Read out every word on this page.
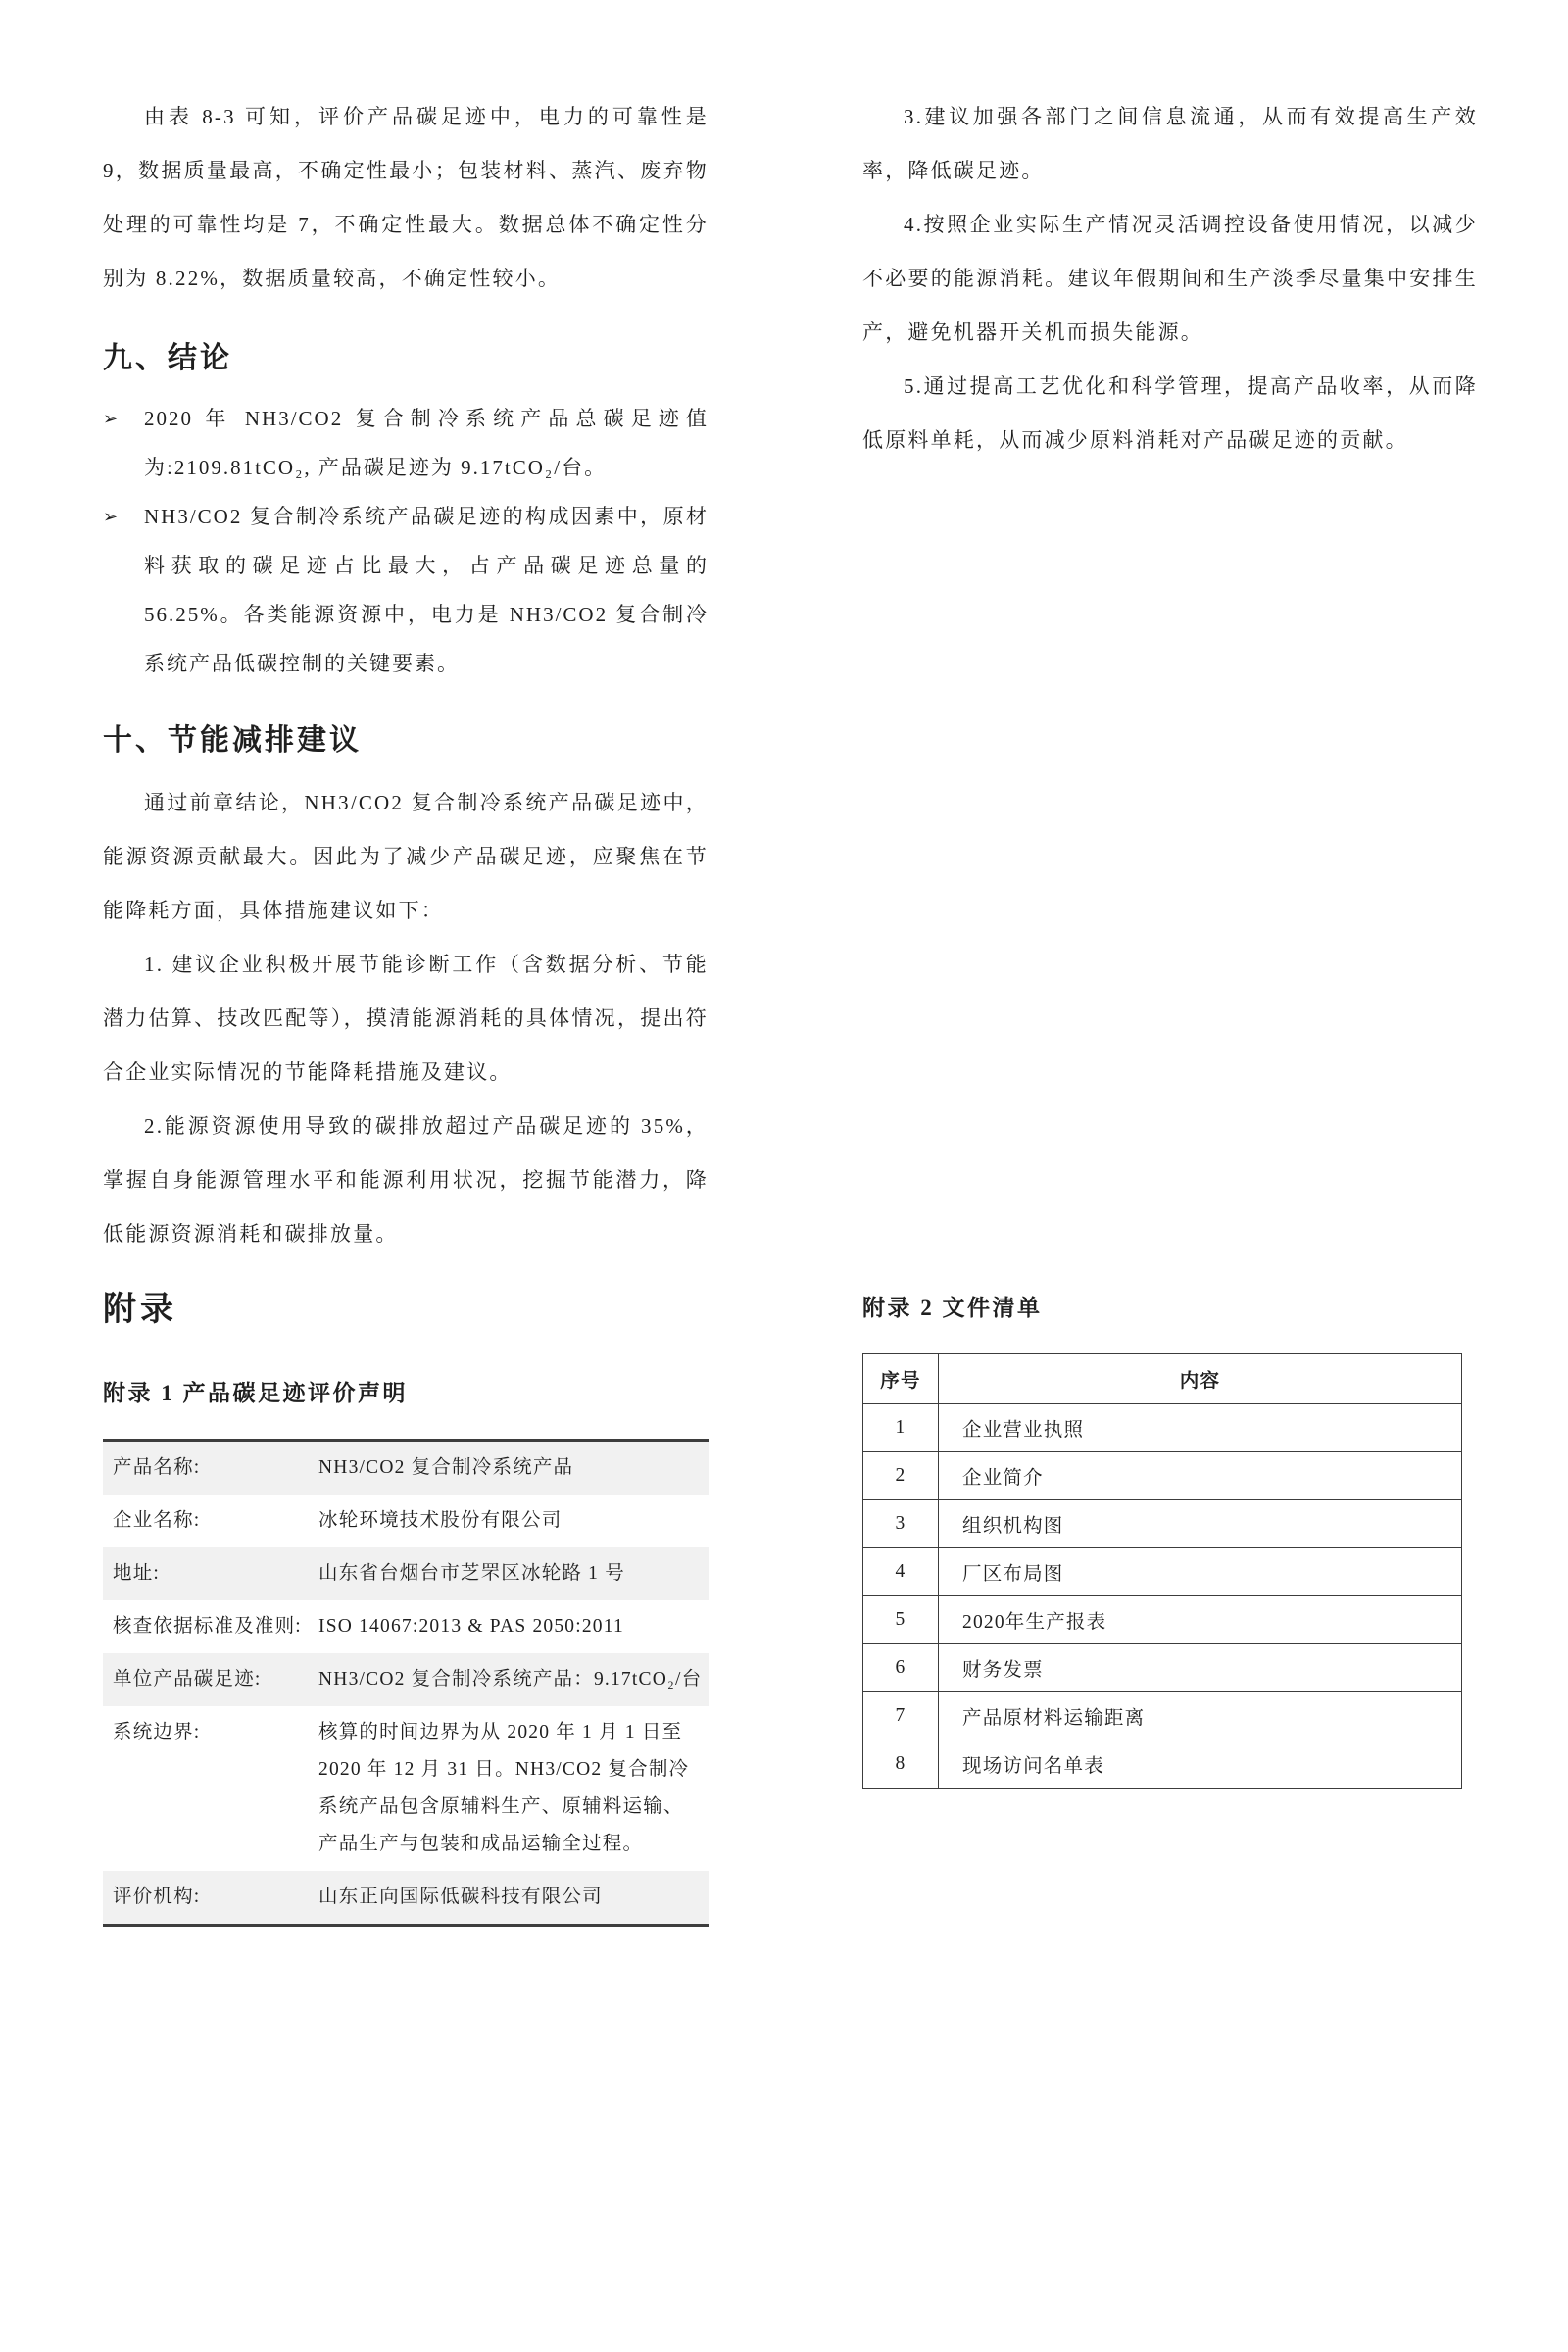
由表 8-3 可知，评价产品碳足迹中，电力的可靠性是 9，数据质量最高，不确定性最小；包装材料、蒸汽、废弃物处理的可靠性均是 7，不确定性最大。数据总体不确定性分别为 8.22%，数据质量较高，不确定性较小。

九、结论
➢	2020 年 NH3/CO2 复合制冷系统产品总碳足迹值为:2109.81tCO₂, 产品碳足迹为 9.17tCO₂/台。
➢	NH3/CO2 复合制冷系统产品碳足迹的构成因素中，原材料获取的碳足迹占比最大，占产品碳足迹总量的 56.25%。各类能源资源中，电力是 NH3/CO2 复合制冷系统产品低碳控制的关键要素。
十、节能减排建议

通过前章结论，NH3/CO2 复合制冷系统产品碳足迹中，能源资源贡献最大。因此为了减少产品碳足迹，应聚焦在节能降耗方面，具体措施建议如下：

1. 建议企业积极开展节能诊断工作（含数据分析、节能潜力估算、技改匹配等），摸清能源消耗的具体情况，提出符合企业实际情况的节能降耗措施及建议。

2.能源资源使用导致的碳排放超过产品碳足迹的 35%，掌握自身能源管理水平和能源利用状况，挖掘节能潜力，降低能源资源消耗和碳排放量。

3.建议加强各部门之间信息流通，从而有效提高生产效率，降低碳足迹。

4.按照企业实际生产情况灵活调控设备使用情况，以减少不必要的能源消耗。建议年假期间和生产淡季尽量集中安排生产，避免机器开关机而损失能源。

5.通过提高工艺优化和科学管理，提高产品收率，从而降低原料单耗，从而减少原料消耗对产品碳足迹的贡献。

附录
附录 1 产品碳足迹评价声明
产品名称:	NH3/CO2 复合制冷系统产品
企业名称:	冰轮环境技术股份有限公司
地址:	山东省台烟台市芝罘区冰轮路 1 号
核查依据标准及准则:	ISO 14067:2013 & PAS 2050:2011
单位产品碳足迹:	NH3/CO2 复合制冷系统产品：9.17tCO₂/台
系统边界:	核算的时间边界为从 2020 年 1 月 1 日至 2020 年 12 月 31 日。NH3/CO2 复合制冷系统产品包含原辅料生产、原辅料运输、产品生产与包装和成品运输全过程。
评价机构:	山东正向国际低碳科技有限公司
附录 2 文件清单
序号	内容
1	企业营业执照
2	企业简介
3	组织机构图
4	厂区布局图
5	2020年生产报表
6	财务发票
7	产品原材料运输距离
8	现场访问名单表
